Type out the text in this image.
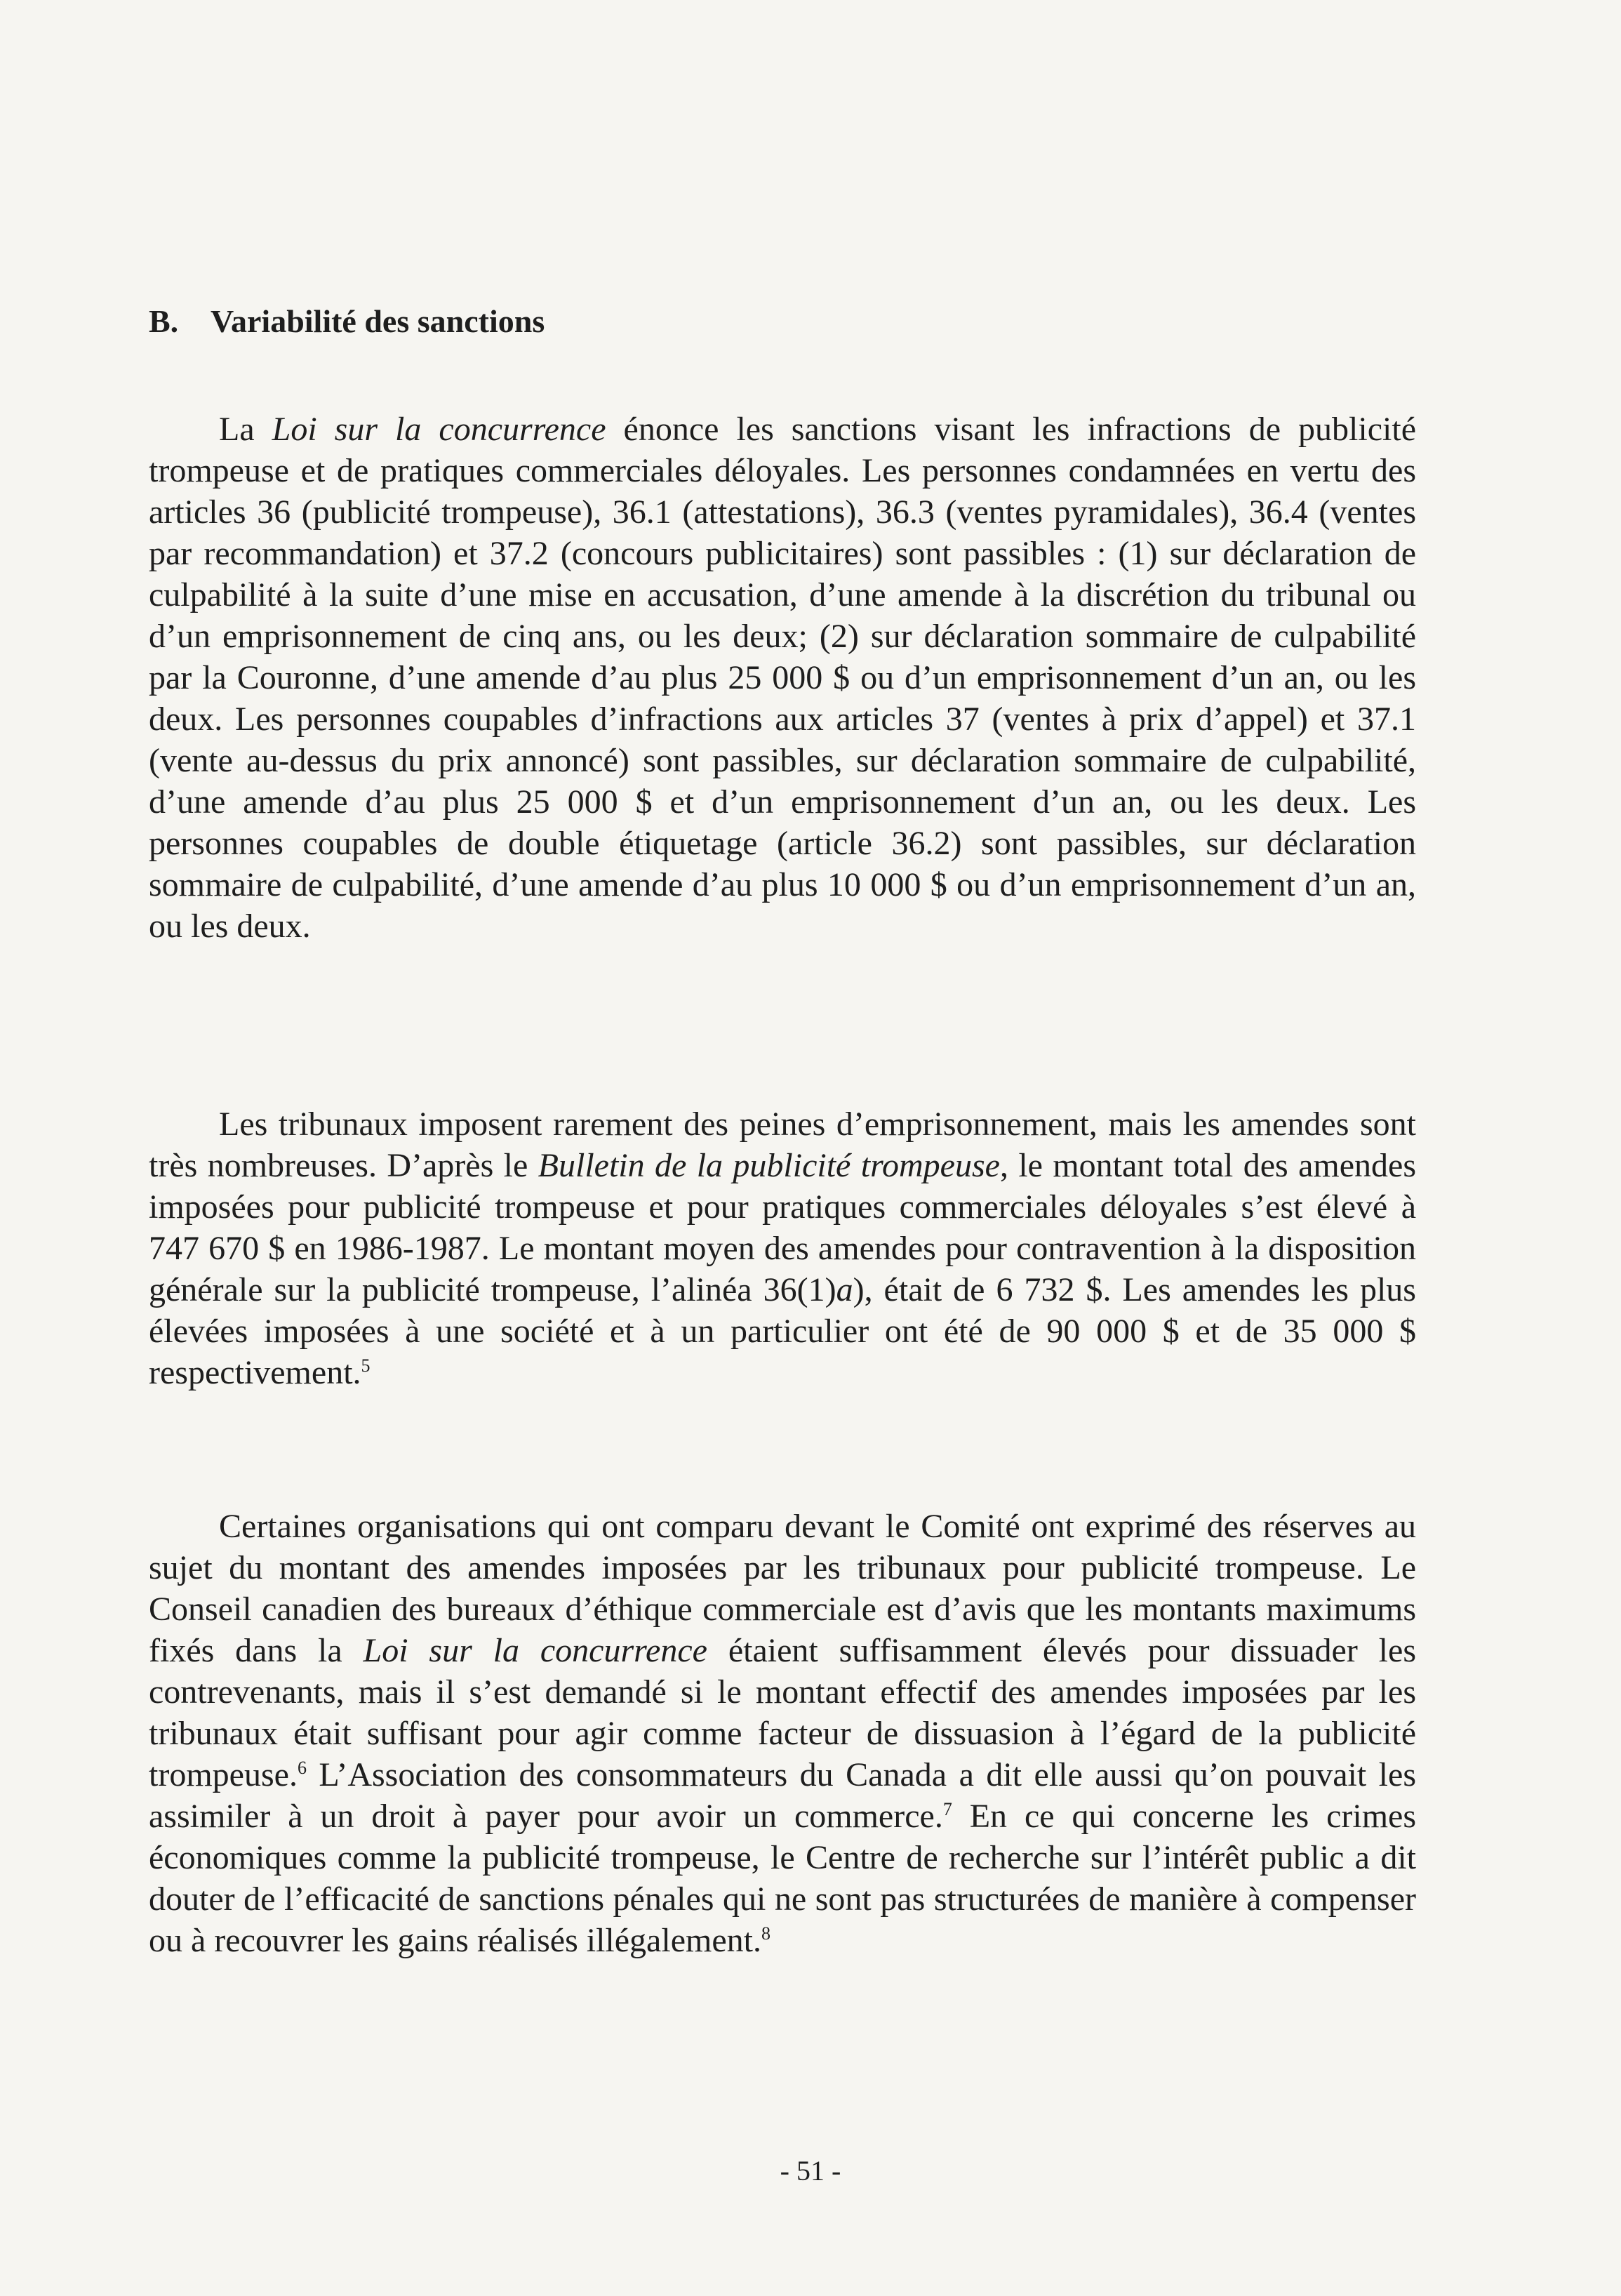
B. Variabilité des sanctions

La Loi sur la concurrence énonce les sanctions visant les infractions de publicité trompeuse et de pratiques commerciales déloyales. Les personnes condamnées en vertu des articles 36 (publicité trompeuse), 36.1 (attestations), 36.3 (ventes pyramidales), 36.4 (ventes par recommandation) et 37.2 (concours publicitaires) sont passibles : (1) sur déclaration de culpabilité à la suite d’une mise en accusation, d’une amende à la discrétion du tribunal ou d’un emprisonnement de cinq ans, ou les deux; (2) sur déclaration sommaire de culpabilité par la Couronne, d’une amende d’au plus 25 000 $ ou d’un emprisonnement d’un an, ou les deux. Les personnes coupables d’infractions aux articles 37 (ventes à prix d’appel) et 37.1 (vente au-dessus du prix annoncé) sont passibles, sur déclaration sommaire de culpabilité, d’une amende d’au plus 25 000 $ et d’un emprisonnement d’un an, ou les deux. Les personnes coupables de double étiquetage (article 36.2) sont passibles, sur déclaration sommaire de culpabilité, d’une amende d’au plus 10 000 $ ou d’un emprisonnement d’un an, ou les deux.

Les tribunaux imposent rarement des peines d’emprisonnement, mais les amendes sont très nombreuses. D’après le Bulletin de la publicité trompeuse, le montant total des amendes imposées pour publicité trompeuse et pour pratiques commerciales déloyales s’est élevé à 747 670 $ en 1986-1987. Le montant moyen des amendes pour contravention à la disposition générale sur la publicité trompeuse, l’alinéa 36(1)a), était de 6 732 $. Les amendes les plus élevées imposées à une société et à un particulier ont été de 90 000 $ et de 35 000 $ respectivement.$^5$

Certaines organisations qui ont comparu devant le Comité ont exprimé des réserves au sujet du montant des amendes imposées par les tribunaux pour publicité trompeuse. Le Conseil canadien des bureaux d’éthique commerciale est d’avis que les montants maximums fixés dans la Loi sur la concurrence étaient suffisamment élevés pour dissuader les contrevenants, mais il s’est demandé si le montant effectif des amendes imposées par les tribunaux était suffisant pour agir comme facteur de dissuasion à l’égard de la publicité trompeuse.$^6$ L’Association des consommateurs du Canada a dit elle aussi qu’on pouvait les assimiler à un droit à payer pour avoir un commerce.$^7$ En ce qui concerne les crimes économiques comme la publicité trompeuse, le Centre de recherche sur l’intérêt public a dit douter de l’efficacité de sanctions pénales qui ne sont pas structurées de manière à compenser ou à recouvrer les gains réalisés illégalement.$^8$

- 51 -
